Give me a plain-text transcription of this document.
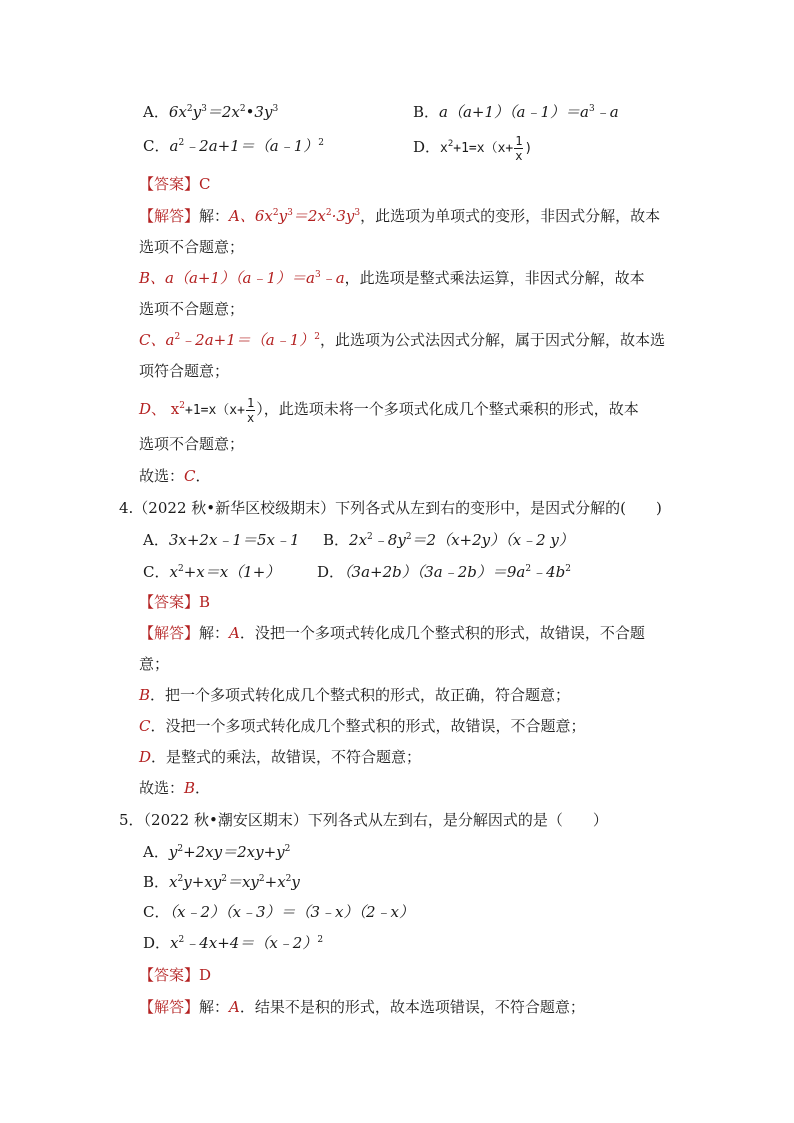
A．$6x^2y^3=2x^2•3y^3$	B．$a(a+1)(a﹣1)=a^3﹣a$
C．$a^2﹣2a+1=(a﹣1)^2$	D．$x^2+1=x(x+ \frac{1}{x}$ )
【答案】C
【解答】解：A、$6x^2y^3=2x^2\cdot 3y^3$，此选项为单项式的变形，非因式分解，故本
选项不合题意；
B、$a(a+1)(a﹣1)=a^3﹣a$，此选项是整式乘法运算，非因式分解，故本
选项不合题意；
C、$a^2﹣2a+1=(a﹣1)^2$，此选项为公式法因式分解，属于因式分解，故本选
项符合题意；
D、 $x^2+1=x(x+ \frac{1}{x}$ ），此选项未将一个多项式化成几个整式乘积的形式，故本
选项不合题意；
故选：C．
4.（2022 秋•新华区校级期末）下列各式从左到右的变形中，是因式分解的(　　)
A．3x+2x﹣1＝5x﹣1 B．$2x^2﹣8y^2=2(x+2y)(x﹣2$ y）
C．$x^2+x=x(1+)$ D．$(3a+2b)(3a﹣2b)=9a^2﹣4b^2$
【答案】B
【解答】解：A．没把一个多项式转化成几个整式积的形式，故错误，不合题
意；
B．把一个多项式转化成几个整式积的形式，故正确，符合题意；
C．没把一个多项式转化成几个整式积的形式，故错误，不合题意；
D．是整式的乘法，故错误，不符合题意；
故选：B．
5．（2022 秋•潮安区期末）下列各式从左到右，是分解因式的是（　　）
A．$y^2+2xy=2xy+y^2$
B．$x^2y+xy^2=xy^2+x^2y$
C．（x﹣2）（x﹣3）＝（3﹣x）（2﹣x）
D．$x^2﹣4x+4=(x﹣2)^2$
【答案】D
【解答】解：A．结果不是积的形式，故本选项错误，不符合题意；
